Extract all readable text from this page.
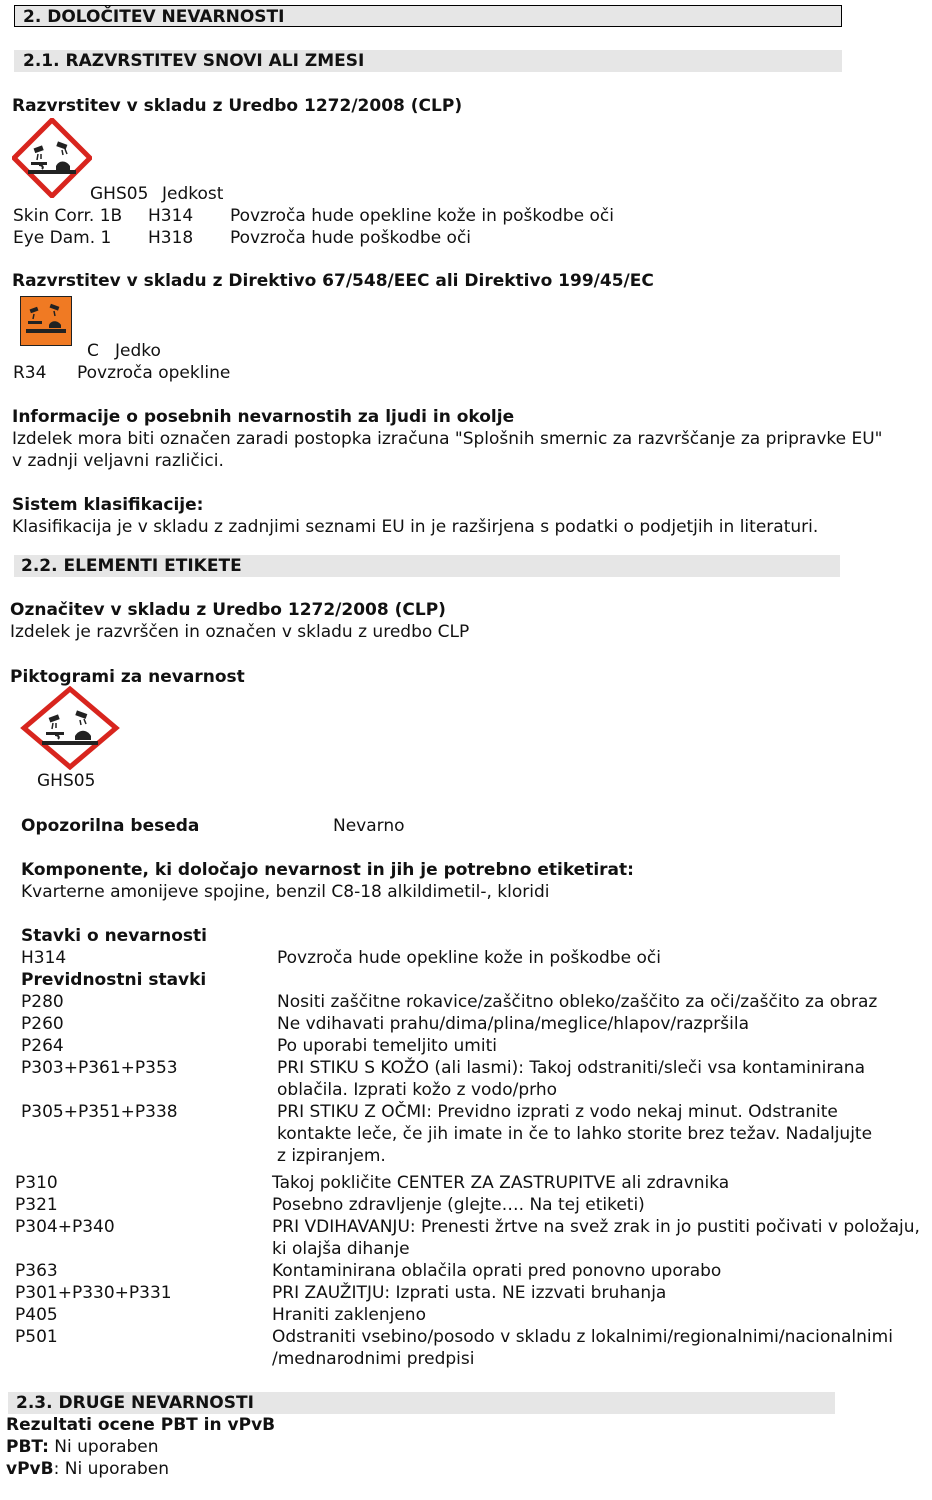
2. DOLOČITEV NEVARNOSTI
2.1. RAZVRSTITEV SNOVI ALI ZMESI
Razvrstitev v skladu z Uredbo 1272/2008 (CLP)
GHS05 Jedkost
Skin Corr. 1B H314 Povzroča hude opekline kože in poškodbe oči
Eye Dam. 1 H318 Povzroča hude poškodbe oči
Razvrstitev v skladu z Direktivo 67/548/EEC ali Direktivo 199/45/EC
C Jedko
R34 Povzroča opekline
Informacije o posebnih nevarnostih za ljudi in okolje
Izdelek mora biti označen zaradi postopka izračuna "Splošnih smernic za razvrščanje za pripravke EU"
v zadnji veljavni različici.
Sistem klasifikacije:
Klasifikacija je v skladu z zadnjimi seznami EU in je razširjena s podatki o podjetjih in literaturi.
2.2. ELEMENTI ETIKETE
Označitev v skladu z Uredbo 1272/2008 (CLP)
Izdelek je razvrščen in označen v skladu z uredbo CLP
Piktogrami za nevarnost
GHS05
Opozorilna beseda	Nevarno
Komponente, ki določajo nevarnost in jih je potrebno etiketirat:
Kvarterne amonijeve spojine, benzil C8-18 alkildimetil-, kloridi
Stavki o nevarnosti
H314	Povzroča hude opekline kože in poškodbe oči
Previdnostni stavki
P280	Nositi zaščitne rokavice/zaščitno obleko/zaščito za oči/zaščito za obraz
P260	Ne vdihavati prahu/dima/plina/meglice/hlapov/razpršila
P264	Po uporabi temeljito umiti
P303+P361+P353	PRI STIKU S KOŽO (ali lasmi): Takoj odstraniti/sleči vsa kontaminirana
oblačila. Izprati kožo z vodo/prho
P305+P351+P338	PRI STIKU Z OČMI: Previdno izprati z vodo nekaj minut. Odstranite
kontakte leče, če jih imate in če to lahko storite brez težav. Nadaljujte
z izpiranjem.
P310	Takoj pokličite CENTER ZA ZASTRUPITVE ali zdravnika
P321	Posebno zdravljenje (glejte…. Na tej etiketi)
P304+P340	PRI VDIHAVANJU: Prenesti žrtve na svež zrak in jo pustiti počivati v položaju,
ki olajša dihanje
P363	Kontaminirana oblačila oprati pred ponovno uporabo
P301+P330+P331	PRI ZAUŽITJU: Izprati usta. NE izzvati bruhanja
P405	Hraniti zaklenjeno
P501	Odstraniti vsebino/posodo v skladu z lokalnimi/regionalnimi/nacionalnimi
/mednarodnimi predpisi
2.3. DRUGE NEVARNOSTI
Rezultati ocene PBT in vPvB
PBT: Ni uporaben
vPvB: Ni uporaben
